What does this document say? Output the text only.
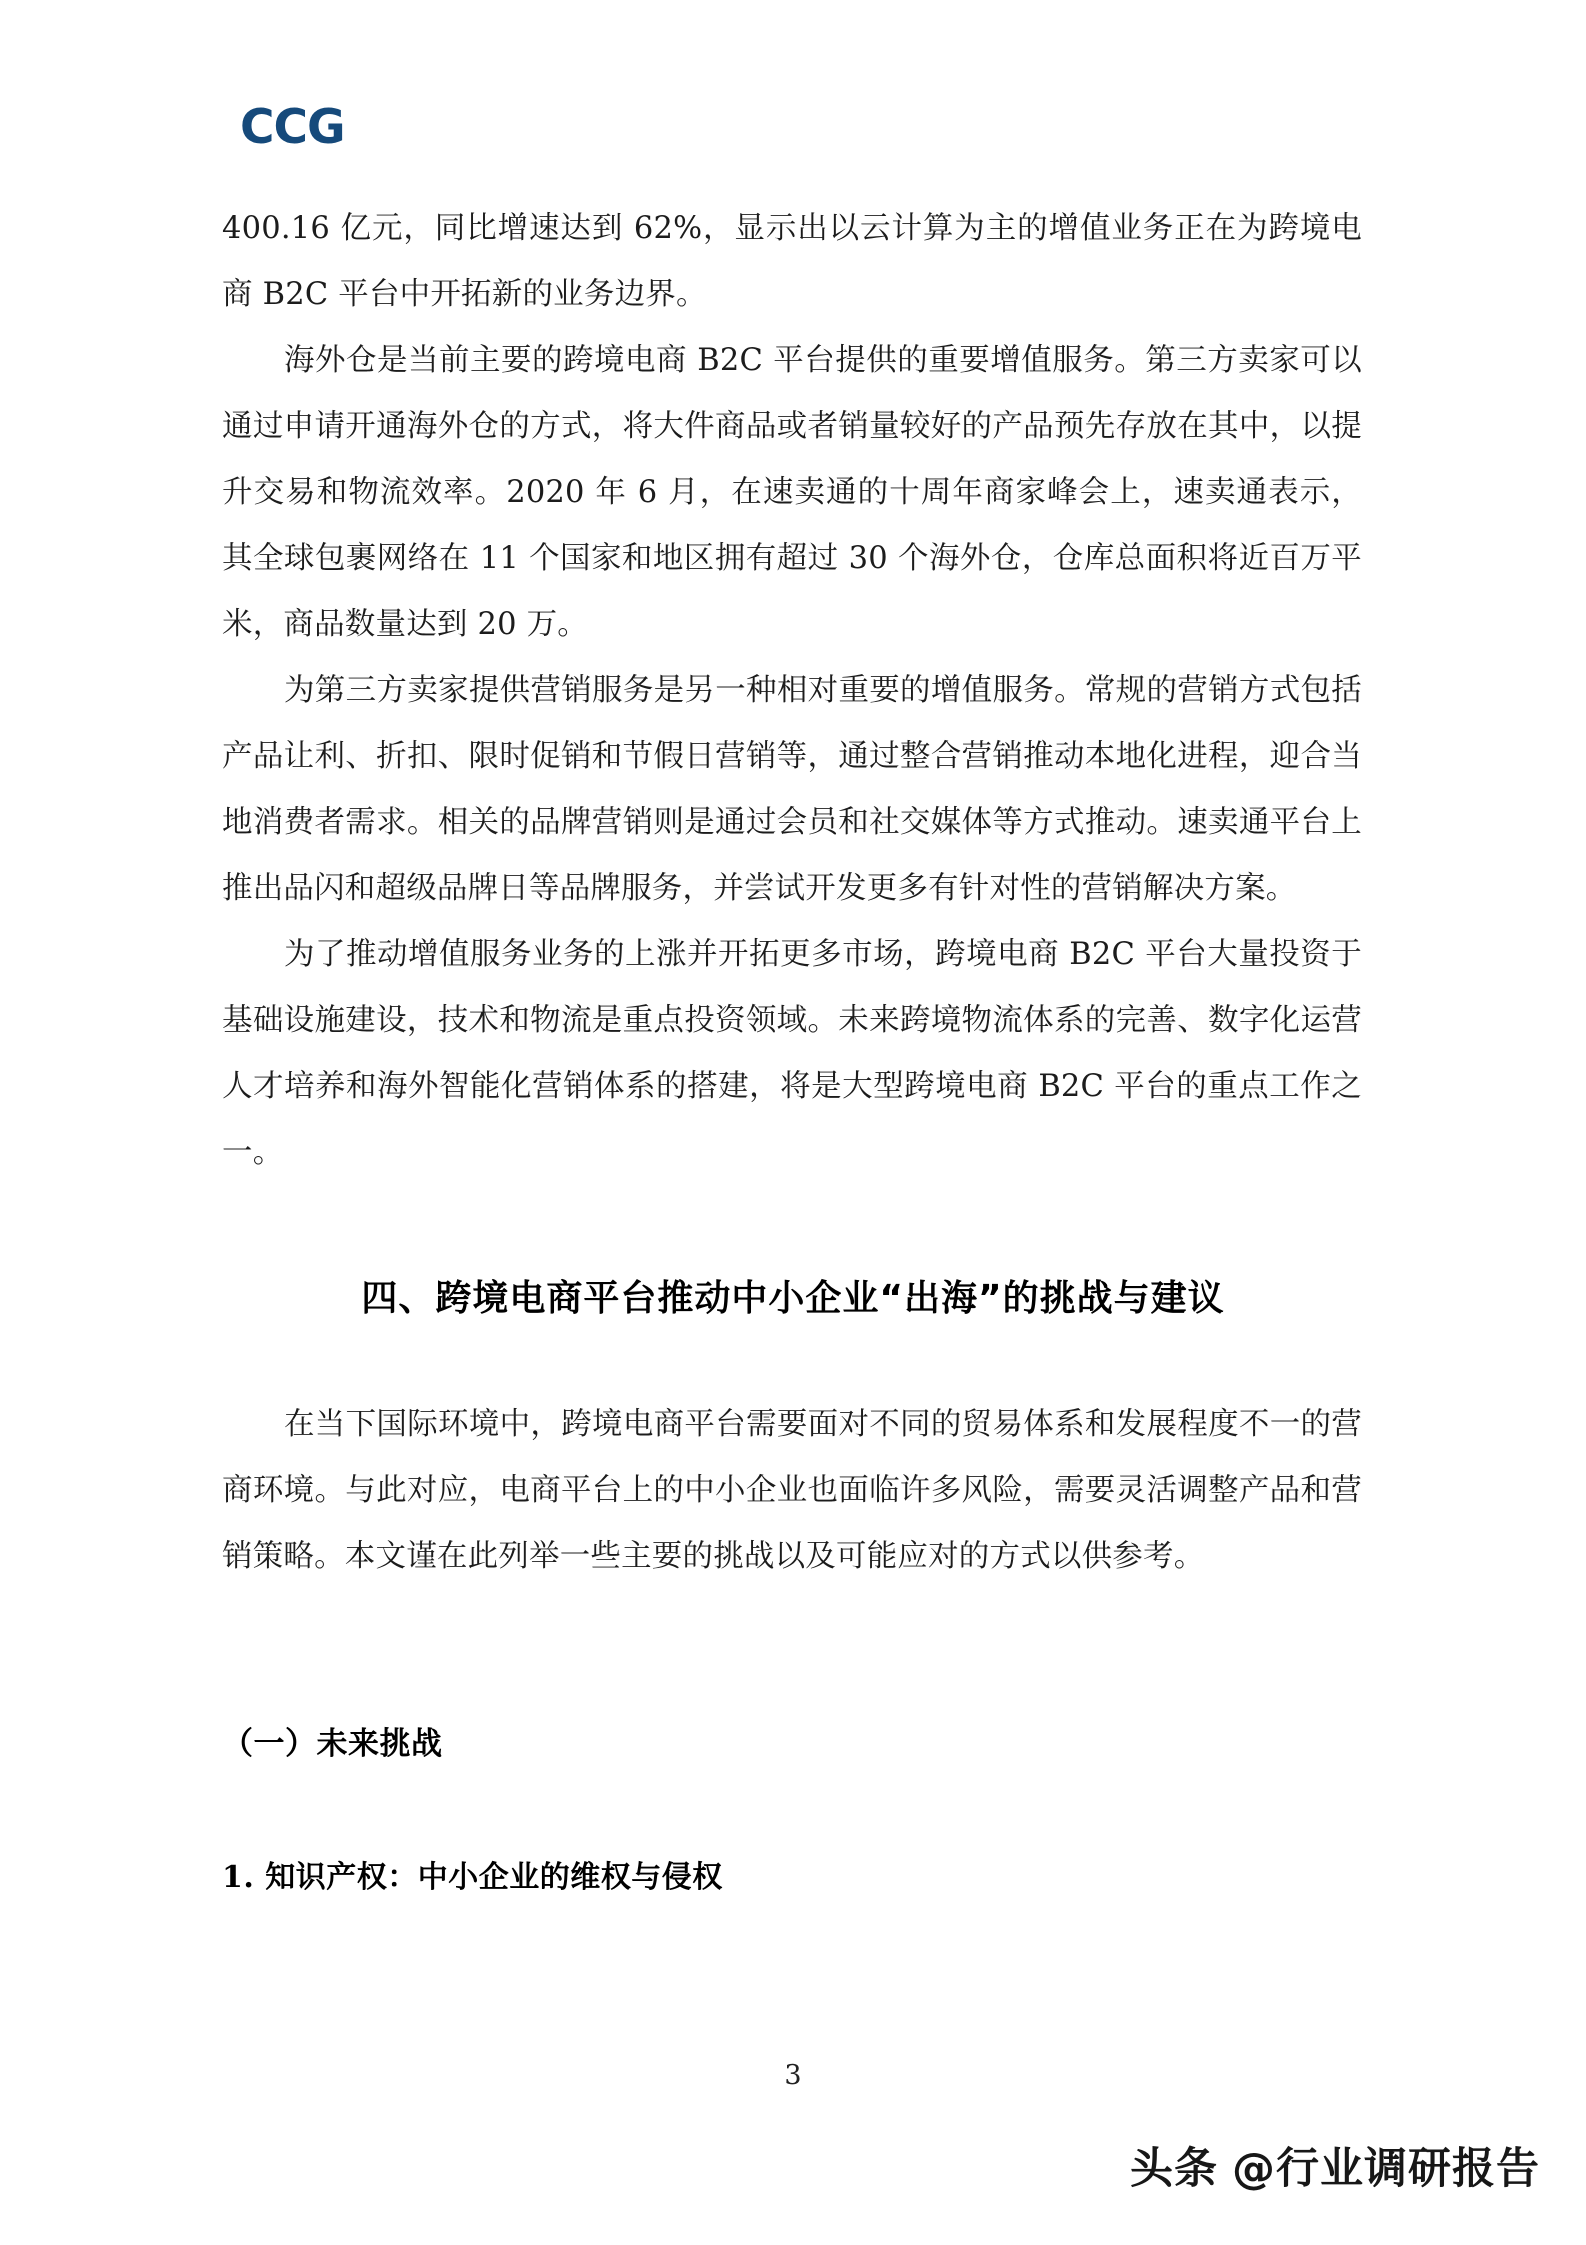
CCG

400.16 亿元，同比增速达到 62%，显示出以云计算为主的增值业务正在为跨境电商 B2C 平台中开拓新的业务边界。

海外仓是当前主要的跨境电商 B2C 平台提供的重要增值服务。第三方卖家可以通过申请开通海外仓的方式，将大件商品或者销量较好的产品预先存放在其中，以提升交易和物流效率。2020 年 6 月，在速卖通的十周年商家峰会上，速卖通表示，其全球包裹网络在 11 个国家和地区拥有超过 30 个海外仓，仓库总面积将近百万平米，商品数量达到 20 万。

为第三方卖家提供营销服务是另一种相对重要的增值服务。常规的营销方式包括产品让利、折扣、限时促销和节假日营销等，通过整合营销推动本地化进程，迎合当地消费者需求。相关的品牌营销则是通过会员和社交媒体等方式推动。速卖通平台上推出品闪和超级品牌日等品牌服务，并尝试开发更多有针对性的营销解决方案。

为了推动增值服务业务的上涨并开拓更多市场，跨境电商 B2C 平台大量投资于基础设施建设，技术和物流是重点投资领域。未来跨境物流体系的完善、数字化运营人才培养和海外智能化营销体系的搭建，将是大型跨境电商 B2C 平台的重点工作之一。

四、跨境电商平台推动中小企业“出海”的挑战与建议

在当下国际环境中，跨境电商平台需要面对不同的贸易体系和发展程度不一的营商环境。与此对应，电商平台上的中小企业也面临许多风险，需要灵活调整产品和营销策略。本文谨在此列举一些主要的挑战以及可能应对的方式以供参考。

（一）未来挑战
1. 知识产权：中小企业的维权与侵权
3
头条 @行业调研报告
